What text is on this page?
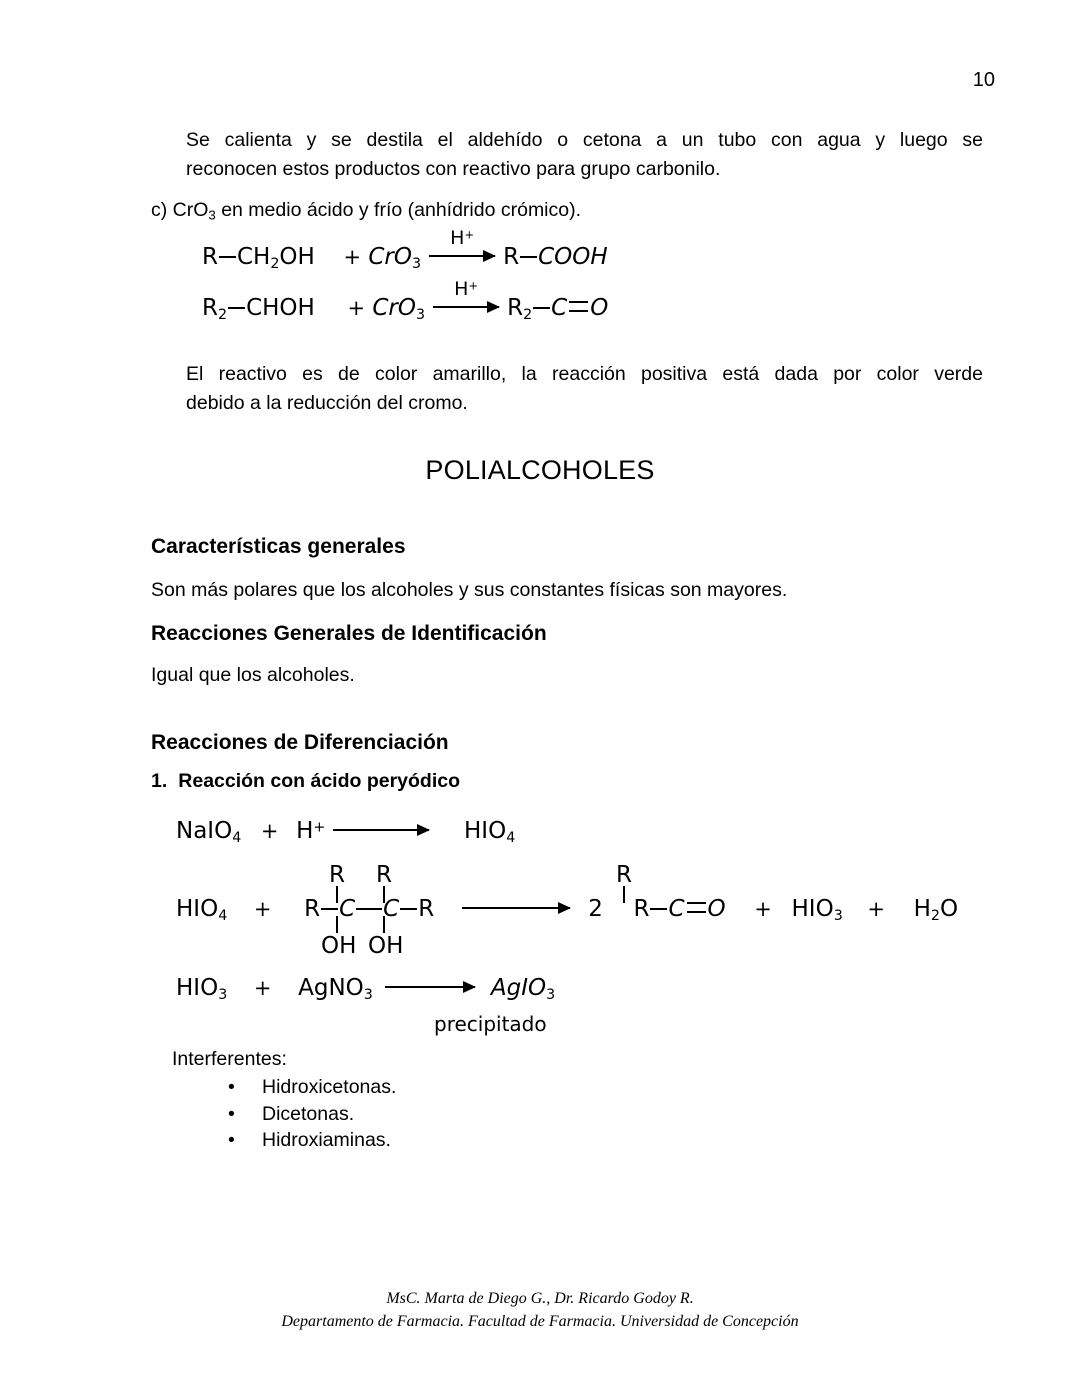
10
Se calienta y se destila el aldehído o cetona a un tubo con agua y luego se
reconocen estos productos con reactivo para grupo carbonilo.
c) CrO$_3$ en medio ácido y frío (anhídrido crómico).
R $CH_2OH + CrO_3$
H+
R COOH
$R_2$ CHOH + CrO$_3$
H+
$R_2$ C O
El reactivo es de color amarillo, la reacción positiva está dada por color verde
debido a la reducción del cromo.
POLIALCOHOLES
Características generales
Son más polares que los alcoholes y sus constantes físicas son mayores.
Reacciones Generales de Identificación
Igual que los alcoholes.
Reacciones de Diferenciación
1. Reacción con ácido peryódico
NaIO$_4$ + H+	$HIO_4$
$HIO_4 + R$ C C R	2 R C $O + HIO_3 + H_2O$
R R
OH OH
R
$HIO_3$ + AgNO$_3$ → AgIO$_3$
precipitado
Interferentes:
• Hidroxicetonas.
• Dicetonas.
• Hidroxiaminas.
MsC. Marta de Diego G., Dr. Ricardo Godoy R.
Departamento de Farmacia. Facultad de Farmacia. Universidad de Concepción
